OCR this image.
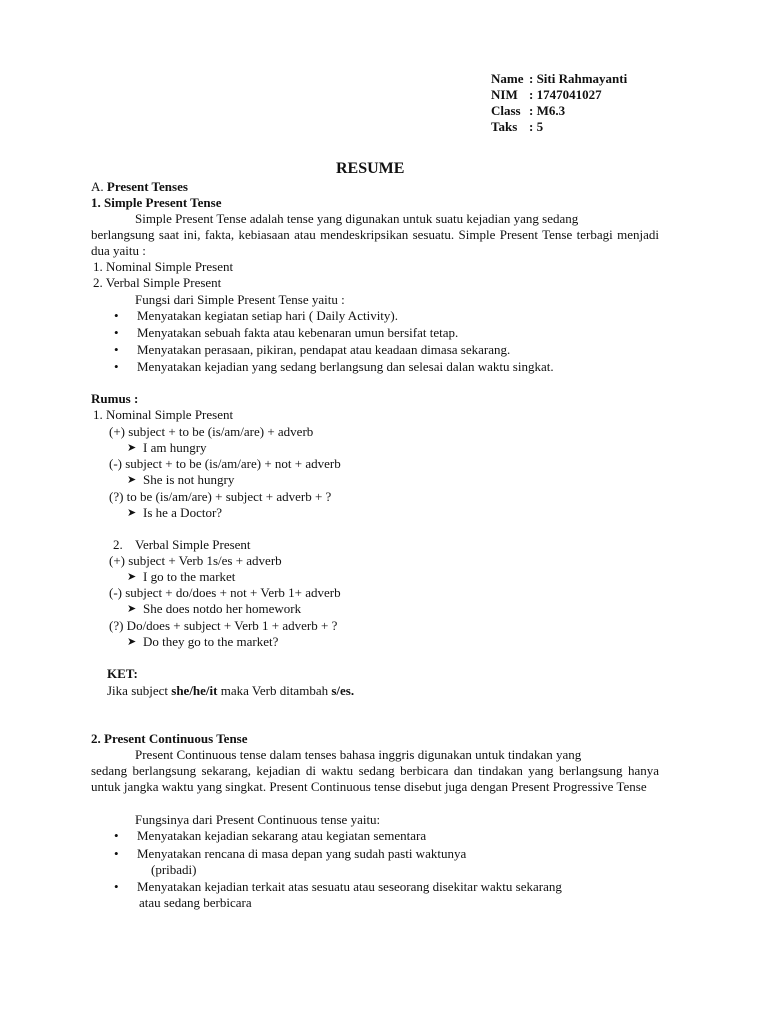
Name : Siti Rahmayanti
NIM : 1747041027
Class : M6.3
Taks : 5
RESUME
A. Present Tenses
1. Simple Present Tense
Simple Present Tense adalah tense yang digunakan untuk suatu kejadian yang sedang
berlangsung saat ini, fakta, kebiasaan atau mendeskripsikan sesuatu. Simple Present Tense terbagi menjadi dua yaitu :
1. Nominal Simple Present
2. Verbal Simple Present
Fungsi dari Simple Present Tense yaitu :
• Menyatakan kegiatan setiap hari ( Daily Activity).
• Menyatakan sebuah fakta atau kebenaran umun bersifat tetap.
• Menyatakan perasaan, pikiran, pendapat atau keadaan dimasa sekarang.
• Menyatakan kejadian yang sedang berlangsung dan selesai dalan waktu singkat.
Rumus :
1. Nominal Simple Present
(+) subject + to be (is/am/are) + adverb
➤ I am hungry
(-) subject + to be (is/am/are) + not + adverb
➤ She is not hungry
(?) to be (is/am/are) + subject + adverb + ?
➤ Is he a Doctor?
2. Verbal Simple Present
(+) subject + Verb 1s/es + adverb
➤ I go to the market
(-) subject + do/does + not + Verb 1+ adverb
➤ She does notdo her homework
(?) Do/does + subject + Verb 1 + adverb + ?
➤ Do they go to the market?
KET:
Jika subject she/he/it maka Verb ditambah s/es.
2. Present Continuous Tense
Present Continuous tense dalam tenses bahasa inggris digunakan untuk tindakan yang
sedang berlangsung sekarang, kejadian di waktu sedang berbicara dan tindakan yang berlangsung hanya untuk jangka waktu yang singkat. Present Continuous tense disebut juga dengan Present Progressive Tense
Fungsinya dari Present Continuous tense yaitu:
• Menyatakan kejadian sekarang atau kegiatan sementara
• Menyatakan rencana di masa depan yang sudah pasti waktunya
(pribadi)
• Menyatakan kejadian terkait atas sesuatu atau seseorang disekitar waktu sekarang
atau sedang berbicara
